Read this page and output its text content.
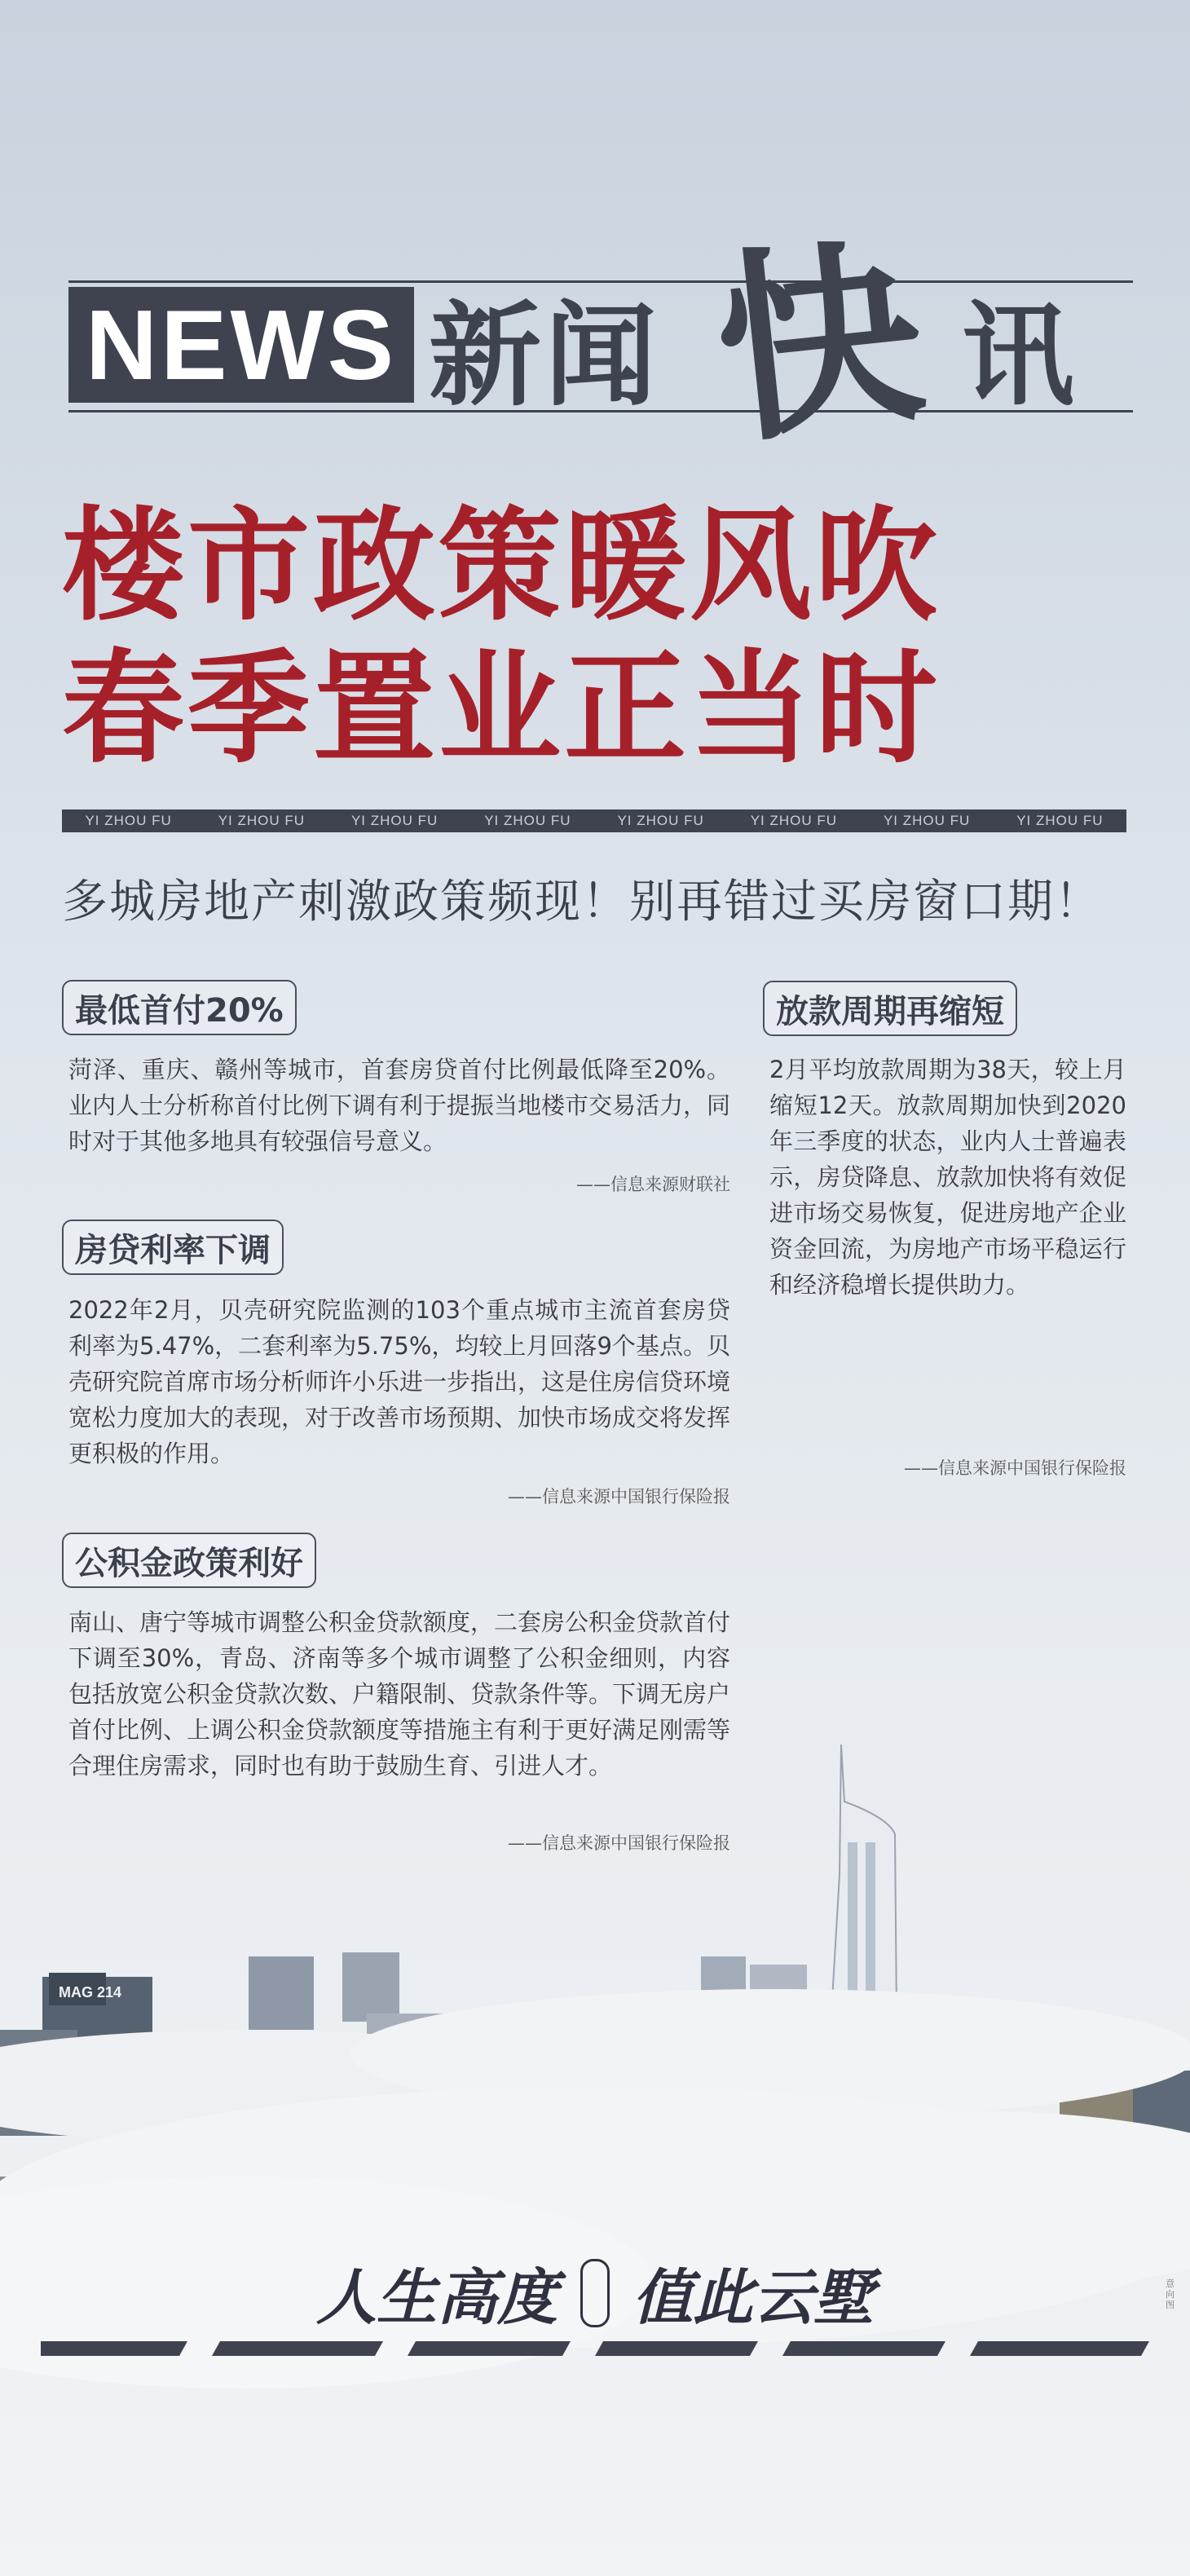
NEWS 新闻 快 讯
楼市政策暖风吹
春季置业正当时
YI ZHOU FU	YI ZHOU FU	YI ZHOU FU	YI ZHOU FU	YI ZHOU FU	YI ZHOU FU	YI ZHOU FU	YI ZHOU FU
多城房地产刺激政策频现！别再错过买房窗口期！
最低首付20%
菏泽、重庆、赣州等城市，首套房贷首付比例最低降至20%。业内人士分析称首付比例下调有利于提振当地楼市交易活力，同时对于其他多地具有较强信号意义。
——信息来源财联社
房贷利率下调
2022年2月，贝壳研究院监测的103个重点城市主流首套房贷利率为5.47%，二套利率为5.75%，均较上月回落9个基点。贝壳研究院首席市场分析师许小乐进一步指出，这是住房信贷环境宽松力度加大的表现，对于改善市场预期、加快市场成交将发挥更积极的作用。
——信息来源中国银行保险报
公积金政策利好
南山、唐宁等城市调整公积金贷款额度，二套房公积金贷款首付下调至30%，青岛、济南等多个城市调整了公积金细则，内容包括放宽公积金贷款次数、户籍限制、贷款条件等。下调无房户首付比例、上调公积金贷款额度等措施主有利于更好满足刚需等合理住房需求，同时也有助于鼓励生育、引进人才。
——信息来源中国银行保险报
放款周期再缩短
2月平均放款周期为38天，较上月缩短12天。放款周期加快到2020年三季度的状态，业内人士普遍表示，房贷降息、放款加快将有效促进市场交易恢复，促进房地产企业资金回流，为房地产市场平稳运行和经济稳增长提供助力。
——信息来源中国银行保险报
MAG 214
人生高度 值此云墅	意向图
